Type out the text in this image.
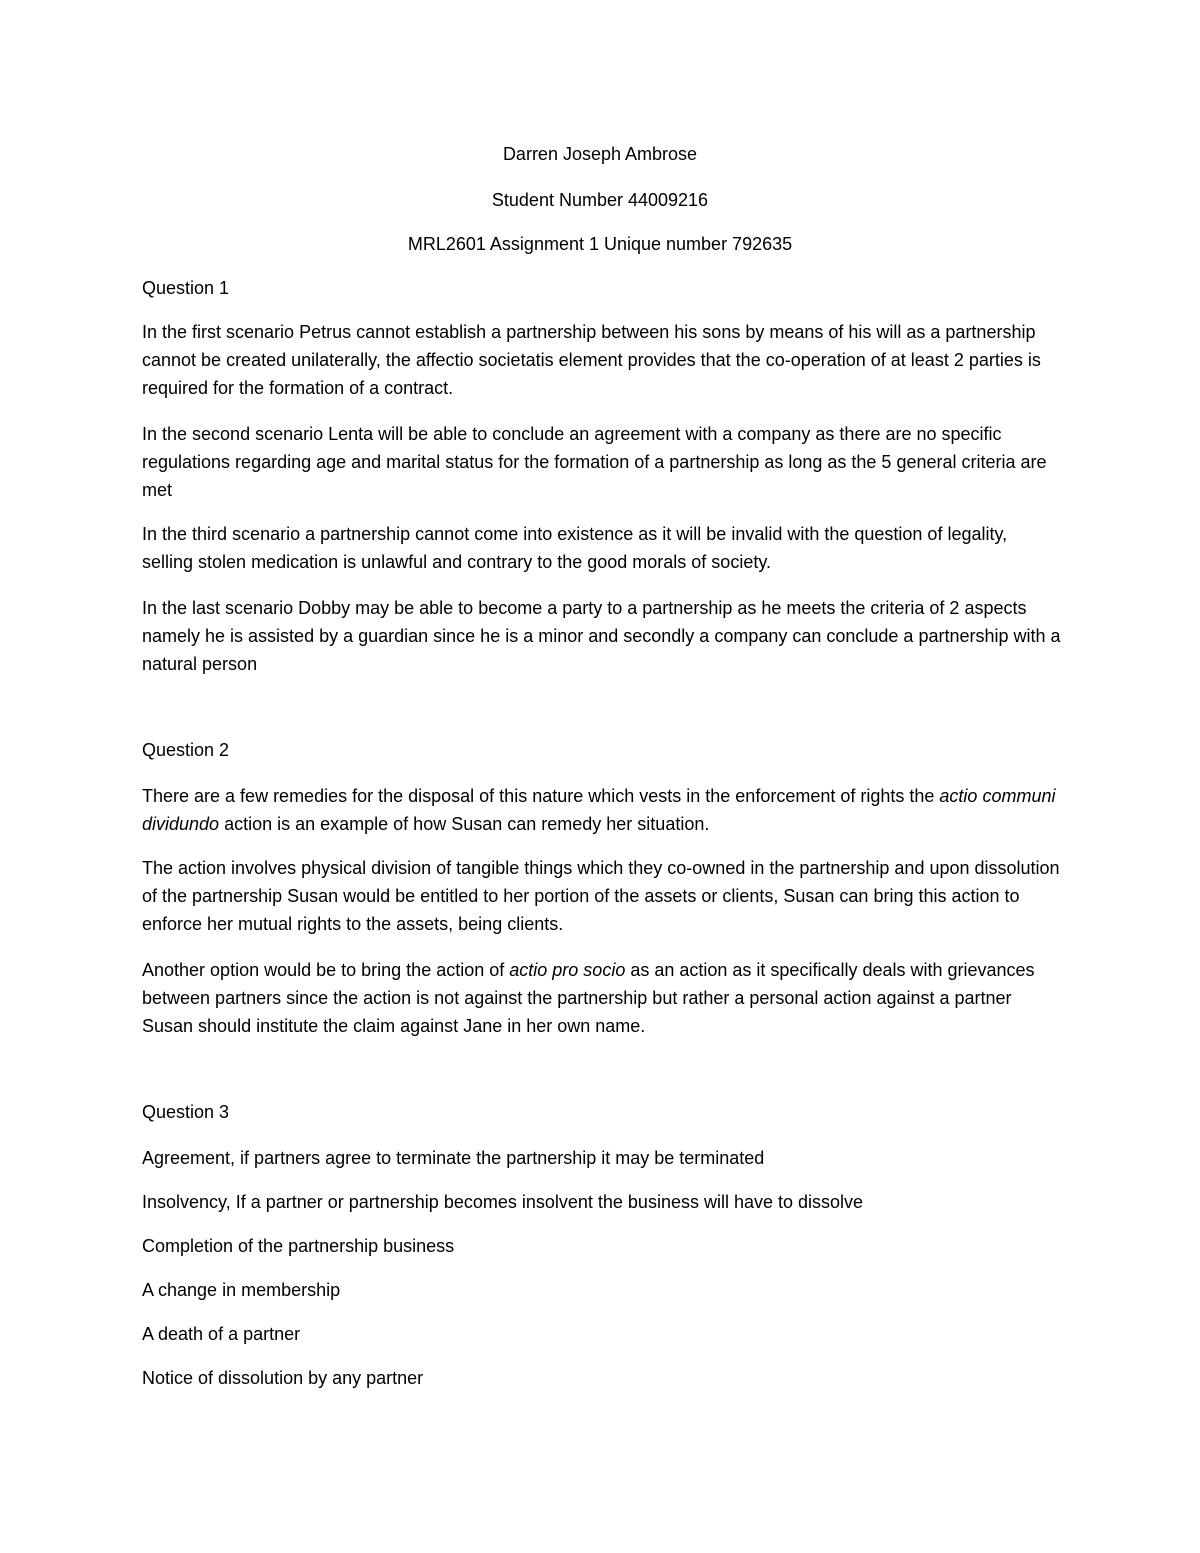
Darren Joseph Ambrose

Student Number 44009216

MRL2601 Assignment 1 Unique number 792635

Question 1

In the first scenario Petrus cannot establish a partnership between his sons by means of his will as a partnership cannot be created unilaterally, the affectio societatis element provides that the co-operation of at least 2 parties is required for the formation of a contract.

In the second scenario Lenta will be able to conclude an agreement with a company as there are no specific regulations regarding age and marital status for the formation of a partnership as long as the 5 general criteria are met

In the third scenario a partnership cannot come into existence as it will be invalid with the question of legality, selling stolen medication is unlawful and contrary to the good morals of society.

In the last scenario Dobby may be able to become a party to a partnership as he meets the criteria of 2 aspects namely he is assisted by a guardian since he is a minor and secondly a company can conclude a partnership with a natural person

Question 2

There are a few remedies for the disposal of this nature which vests in the enforcement of rights the actio communi dividundo action is an example of how Susan can remedy her situation.

The action involves physical division of tangible things which they co-owned in the partnership and upon dissolution of the partnership Susan would be entitled to her portion of the assets or clients, Susan can bring this action to enforce her mutual rights to the assets, being clients.

Another option would be to bring the action of actio pro socio as an action as it specifically deals with grievances between partners since the action is not against the partnership but rather a personal action against a partner Susan should institute the claim against Jane in her own name.

Question 3

Agreement, if partners agree to terminate the partnership it may be terminated

Insolvency, If a partner or partnership becomes insolvent the business will have to dissolve

Completion of the partnership business

A change in membership

A death of a partner

Notice of dissolution by any partner
